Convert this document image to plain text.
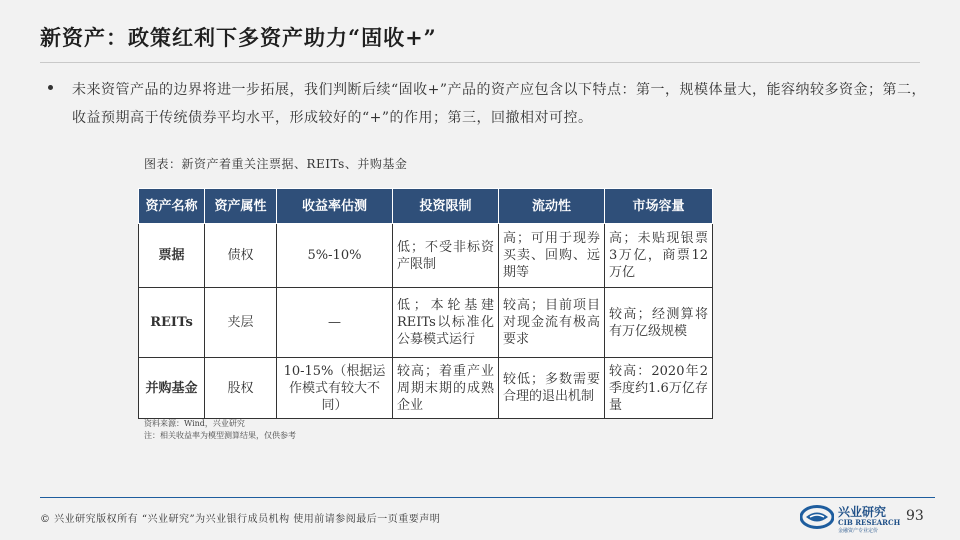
新资产：政策红利下多资产助力“固收+”
未来资管产品的边界将进一步拓展，我们判断后续“固收+”产品的资产应包含以下特点：第一，规模体量大，能容纳较多资金；第二，收益预期高于传统债券平均水平，形成较好的“+”的作用；第三，回撤相对可控。
图表：新资产着重关注票据、REITs、并购基金
资产名称	资产属性	收益率估测	投资限制	流动性	市场容量
票据	债权	5%-10%	低；不受非标资产限制	高；可用于现券买卖、回购、远期等	高；未贴现银票3万亿，商票12万亿
REITs	夹层	—	低；本轮基建REITs以标准化公募模式运行	较高；目前项目对现金流有极高要求	较高；经测算将有万亿级规模
并购基金	股权	10-15%（根据运作模式有较大不同）	较高；着重产业周期末期的成熟企业	较低；多数需要合理的退出机制	较高：2020年2季度约1.6万亿存量
资料来源：Wind，兴业研究
注：相关收益率为模型测算结果，仅供参考
© 兴业研究版权所有 “兴业研究”为兴业银行成员机构 使用前请参阅最后一页重要声明
兴业研究
CIB RESEARCH
金融资产专业定价
93
